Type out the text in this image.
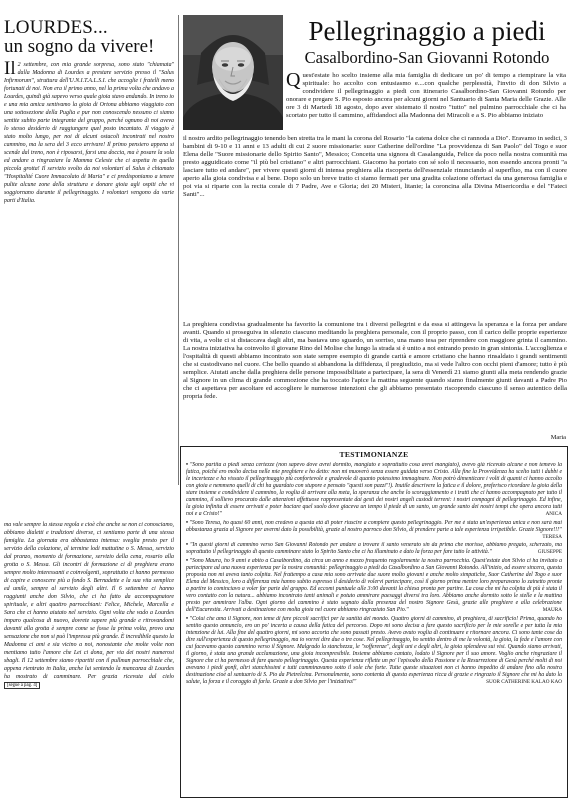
LOURDES...
un sogno da vivere!
Il 2 settembre, con mia grande sorpresa, sono stato "chiamata" dalla Madonna di Lourdes a prestare servizio presso il "Salus Infirmorum", struttura dell'U.N.I.T.A.L.S.I. che accoglie i fratelli meno fortunati di noi. Non era il primo anno, nel la prima volta che andavo a Lourdes, quindi già sapevo verso quale gioia stavo andando. In treno io e una mia amica sentivamo la gioia di Ortona abbiamo viaggiato con una sottosezione della Puglia e pur non conoscendo nessuno ci siamo sentite subito parte integrante del gruppo, perché ognuno di noi aveva lo stesso desiderio di raggiungere quel posto incantato. Il viaggio è stato molto lungo, per noi di alcuni ostacoli incontrati nel nostro cammino, ma la sera del 3 ecco arrivare! Il primo pensiero appena si scende dal treno, non è riposarsi, farsi una doccia, ma è posare la sola ed andare a ringraziare la Mamma Celeste che ci aspetta in quella piccola grotta! Il servizio svolto da noi volontari al Salus è chiamato "Hospitalité Cuore Immacolato di Maria" e ci predisponiamo a tenere pulite alcune zone della struttura e donare gioia agli ospiti che vi soggiornano durante il pellegrinaggio. I volontari vengono da varie parti d'Italia.
ma vale sempre la stessa regola e cioè che anche se non ci conosciamo, abbiamo dialetti e tradizioni diverse, ci sentiamo parte di una stessa famiglia. La giornata era abbastanza intensa: sveglia presto per il servizio della colazione, al termine lodi mattutine o S. Messa, servizio dal pranzo, momento di formazione, servizio della cena, rosario alla grotta o S. Messa. Gli incontri di formazione ci di preghiera erano sempre molto interessanti e coinvolgenti, soprattutto ci hanno permesso di capire e conoscere più a fondo S. Bernadette e la sua vita semplice ed umile, sempre al servizio degli altri. Il 6 settembre ci hanno raggiunti anche don Silvio, che ci ha fatto da accompagnatore spirituale, e altri quattro parrocchiani: Felice, Michele, Marcella e Sara che ci hanno aiutato nel servizio. Ogni volta che vado a Lourdes imparo qualcosa di nuovo, dovrete sapere più grande e ritrovandomi davanti alla grotta è sempre come se fosse la prima volta, provo una sensazione che non si può l'impressa più grande. È incredibile questo la Madonna ci ami e sia vicino a noi, nonostante che molte volte non mentiamo tutto l'amore che Lei ci dona, per via dei nostri numerosi sbagli. Il 12 settembre siamo ripartiti con il pullman parrocchiale che, appena rientrato in Italia, anche lui sentendo la mancanza di Lourdes ha mostrato di camminare. Per grazia ricevuta dal cielo [segue a pag. 4]
Pellegrinaggio a piedi
Casalbordino-San Giovanni Rotondo
Quest'estate ho scelto insieme alla mia famiglia di dedicare un po' di tempo a riempirare la vita spirituale: ho accolto con entusiasmo e....con qualche perplessità, l'invito di don Silvio a condividere il pellegrinaggio a piedi con itinerario Casalbordino-San Giovanni Rotondo per onorare e pregare S. Pio esposto ancora per alcuni giorni nel Santuario di Santa Maria delle Grazie. Alle ore 3 di Martedì 18 agosto, dopo aver sistemato il nostro "tutto" nel pulmino parrocchiale che ci ha scortato per tutto il cammino, affidandoci alla Madonna dei Miracoli e a S. Pio abbiamo iniziato
il nostro ardito pellegrinaggio tenendo ben stretta tra le mani la corona del Rosario "la catena dolce che ci rannoda a Dio". Eravamo in sedici, 3 bambini di 9-10 e 11 anni e 13 adulti di cui 2 suore missionarie: suor Catherine dell'ordine "La provvidenza di San Paolo" del Togo e suor Elena delle "Suore missionarie dello Spirito Santo", Messico; Concetta una signora di Casalanguida, Felice da poco nella nostra comunità ma presto agguidicato come "il più bel cristiano" e altri parrocchiani. Giacomo ha portato con sé solo il necessario, non essendo ancora pronti "a lasciare tutto ed andare", per vivere questi giorni di intensa preghiera alla riscoperta dell'essenziale rinunciando al superfluo, ma con il cuore aperto alla gioia condivisa e al bene. Dopo solo un breve tratto ci siamo fermati per una gradita colazione offertaci da una generosa famiglia e poi via si riparte con la recita corale di 7 Padre, Ave e Gloria; dei 20 Misteri, litanie; la coroncina alla Divina Misericordia e del "Fateci Santi"...
La preghiera condivisa gradualmente ha favorito la comunione tra i diversi pellegrini e da essa si attingeva la speranza e la forza per andare avanti. Quando si proseguiva in silenzio ciascuno meditando la preghiera personale, con il proprio passo, con il carico delle proprie esperienze di vita, a volte ci si distaccava dagli altri, ma bastava uno sguardo, un sorriso, una mano tesa per riprendere con maggiore grinta il cammino. La nostra iniziativa ha coinvolto il giovane Rino del Molise che lungo la strada si è unito a noi entrando presto in gran sintonia. L'accoglienza e l'ospitalità di questi abbiamo incontrato son state sempre esempio di grande carità e amore cristiano che hanno rinsaldato i grandi sentimenti che si custodivano nel cuore. Che bello quando si abbandona la diffidenza, il pregiudizio, ma si vede l'altro con occhi pieni d'amore; tutto è più semplice. Aiutati anche dalla preghiera delle persone impossibilitate a partecipare, la sera di Venerdì 21 siamo giunti alla meta rendendo grazie al Signore in un clima di grande commozione che ha toccato l'apice la mattina seguente quando siamo finalmente giunti davanti a Padre Pio che ci aspettava per ascoltare ed accogliere le numerose intenzioni che gli abbiamo presentato riscoprendo ciascuno il senso autentico della propria fede.
Maria
TESTIMONIANZE
• "Sono partita a piedi senza certezze (non sapevo dove avrei dormito, mangiato e soprattutto cosa avrei mangiato), avevo già ricevuto alcune e non temevo la fatica, poiché ero molto decisa nelle mie preghiere e ho detto: non mi muoverò senza essere guidata verso Cristo. Alla fine la Provvidenza ha scelto tutti i dubbi e le incertezze e ha vissuto il pellegrinaggio più confortevole e gradevole di quanto potessimo immaginare. Non potrò dimenticare i volti di quanti ci hanno accolto con gioia e nemmeno quelli di chi ha guardato con stupore e pensato "questi son pazzi"!). Inutile descrivere la fatica e il dolore, preferisco ricordare la gioia della stare insieme e condividere il cammino, la voglia di arrivare alla meta, la speranza che anche lo scoraggiamento e i tratti che ci hanno accompagnato per tutto il cammino, il sollievo procurato dalle attenzioni affettuose rappresentate dai gesti dei nostri angeli custodi terreni: i nostri compagni di pellegrinaggio. Ed infine, la gioia infinita di essere arrivati e poter baciare quel suolo dove giaceva un tempo il piede di un santo, un grande santo dei nostri tempi che opera ancora tutti noi e a Cristo!"	ANICA
• "Sono Teresa, ho quasi 60 anni, non credevo a questa età di poter riuscire a compiere questo pellegrinaggio. Per me è stata un'esperienza unica e non sarà mai abbastanza grazia al Signore per avermi dato la possibilità, grazie al nostro parroco don Silvio, di prendere parte a tale esperienza irripetibile. Grazie Signore!!!"
TERESA
• "In questi giorni di cammino verso San Giovanni Rotondo per andare a trovare il santo venerato sin da prima che morisse, abbiamo pregato, scherzato, ma soprattutto il pellegrinaggio di questo camminare stato lo Spirito Santo che ci ha illuminato e dato la forza per fare tutto le attività."	GIUSEPPE
• "Sono Maura, ho 9 anni e abito a Casalbordino, da circa un anno e mezzo frequento regolarmente la nostra parrocchia. Quest'estate don Silvio ci ha invitato a partecipare ad una nuova esperienza per la nostra comunità: pellegrinaggio a piedi da Casalbordino a San Giovanni Rotondo. All'inizio, ad essere sincera, questa proposta non mi aveva tanto colpita. Nel frattempo a casa mia sono arrivate due suore molto giovani e anche molto simpatiche, Suor Catherine del Togo e suor Elena del Messico, loro a differenza mia hanno subito espresso il desiderio di volervi partecipare, così il giorno prima mentre loro preparavano lo zainetto pronte a partire io cominciavo a voler far parte del gruppo. Ed eccomi puntuale alle 3:00 davanti la chiesa pronta per partire. La cosa che mi ha colpita di più è stata il vero contatto con la natura... abbiamo incontrato tanti animali e potuto ammirare paesaggi diversi tra loro. Abbiamo anche dormito sotto le stelle e la mattina presto per ammirare l'alba. Ogni giorno del cammino è stato segnato dalla presenza del nostro Signore Gesù, grazie alle preghiere e alla celebrazione dell'Eucarestia. Arrivati a destinazione con molta gioia nel cuore abbiamo ringraziato San Pio."	MAURA
• "Colui che ama il Signore, non teme di fare piccoli sacrifici per la santità del mondo. Quattro giorni di cammino, di preghiera, di sacrificio! Prima, quando ho sentito questo annuncio, ero un po' incerta a causa della fatica del percorso. Dopo mi sono decisa a fare questo sacrificio per le mie sorelle e per tutta la mia intenzione di lui. Alla fine del quattro giorni, mi sono accorta che sono passati presto. Avevo avuto voglia di continuare e ritornare ancora. Ci sono tante cose da dire sull'esperienza di questo pellegrinaggio, ma io vorrei dire due o tre cose. Nel pellegrinaggio, ho sentito dentro di me la volontà, la gioia, la fede e l'amore con cui facevamo questo cammino verso il Signore. Malgrado la stanchezza, le "sofferenze", degli uni e degli altri, la gioia splendeva sui visi. Quando siamo arrivati, il giorno, è stata una grande acclamazione, una gioia incompresibile. Insieme abbiamo cantato, lodato il Signore per il suo amore. Voglio anche ringraziare il Signore che ci ha permesso di fare questo pellegrinaggio. Questa esperienza riflette un po' l'episodio della Passione e la Resurrezione di Gesù perché molti di noi avevano i piedi gonfi, altri stanchissimi e tutti camminavamo sotto il sole che forte. Tutte queste situazioni non ci hanno impedito di andare fino alla nostra destinazione cioè al santuario di S. Pio da Pietrelcina. Personalmente, sono contenta di questa esperienza ricca di grazie e ringrazio il Signore che mi ha dato la salute, la forza e il coraggio di farla. Grazie a don Silvio per l'iniziativa!"	SUOR CATHERINE KALAO KAO
